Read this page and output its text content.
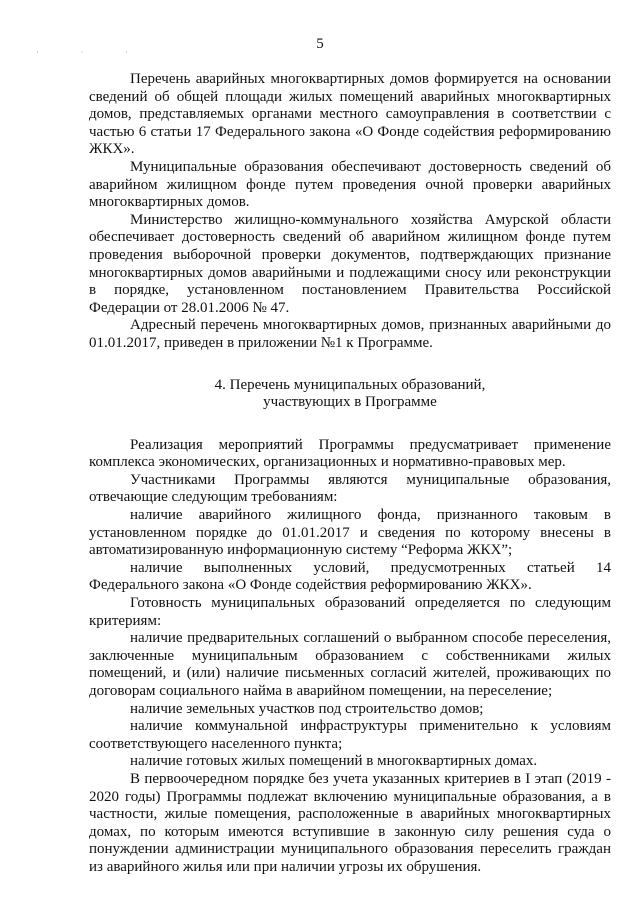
· · ·
5

Перечень аварийных многоквартирных домов формируется на основании сведений об общей площади жилых помещений аварийных многоквартирных домов, представляемых органами местного самоуправления в соответствии с частью 6 статьи 17 Федерального закона «О Фонде содействия реформированию ЖКХ».

Муниципальные образования обеспечивают достоверность сведений об аварийном жилищном фонде путем проведения очной проверки аварийных многоквартирных домов.

Министерство жилищно-коммунального хозяйства Амурской области обеспечивает достоверность сведений об аварийном жилищном фонде путем проведения выборочной проверки документов, подтверждающих признание многоквартирных домов аварийными и подлежащими сносу или реконструкции в порядке, установленном постановлением Правительства Российской Федерации от 28.01.2006 № 47.

Адресный перечень многоквартирных домов, признанных аварийными до 01.01.2017, приведен в приложении №1 к Программе.

4. Перечень муниципальных образований,
участвующих в Программе

Реализация мероприятий Программы предусматривает применение комплекса экономических, организационных и нормативно-правовых мер.

Участниками Программы являются муниципальные образования, отвечающие следующим требованиям:

наличие аварийного жилищного фонда, признанного таковым в установленном порядке до 01.01.2017 и сведения по которому внесены в автоматизированную информационную систему “Реформа ЖКХ”;

наличие выполненных условий, предусмотренных статьей 14 Федерального закона «О Фонде содействия реформированию ЖКХ».

Готовность муниципальных образований определяется по следующим критериям:

наличие предварительных соглашений о выбранном способе переселения, заключенные муниципальным образованием с собственниками жилых помещений, и (или) наличие письменных согласий жителей, проживающих по договорам социального найма в аварийном помещении, на переселение;

наличие земельных участков под строительство домов;

наличие коммунальной инфраструктуры применительно к условиям соответствующего населенного пункта;

наличие готовых жилых помещений в многоквартирных домах.

В первоочередном порядке без учета указанных критериев в I этап (2019 - 2020 годы) Программы подлежат включению муниципальные образования, а в частности, жилые помещения, расположенные в аварийных многоквартирных домах, по которым имеются вступившие в законную силу решения суда о понуждении администрации муниципального образования переселить граждан из аварийного жилья или при наличии угрозы их обрушения.
